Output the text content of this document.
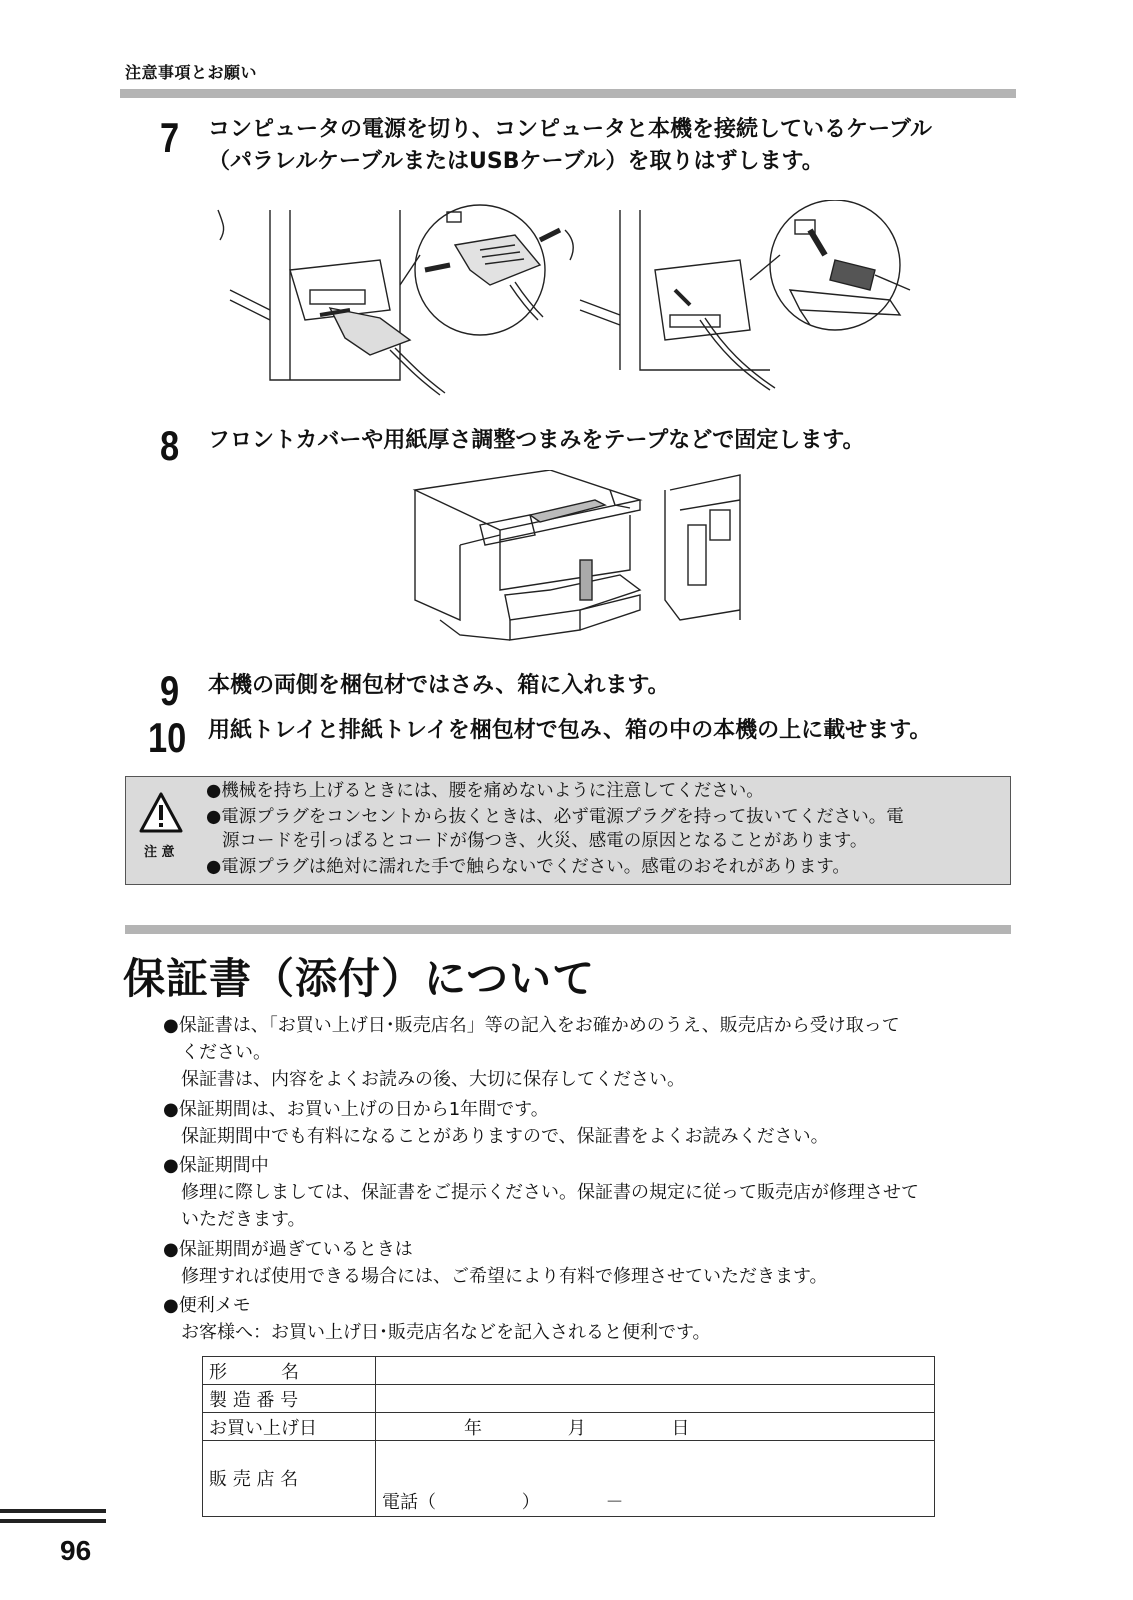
注意事項とお願い
7 コンピュータの電源を切り、コンピュータと本機を接続しているケーブル
（パラレルケーブルまたはUSBケーブル）を取りはずします。
8 フロントカバーや用紙厚さ調整つまみをテープなどで固定します。
9 本機の両側を梱包材ではさみ、箱に入れます。
10 用紙トレイと排紙トレイを梱包材で包み、箱の中の本機の上に載せます。
注 意
●機械を持ち上げるときには、腰を痛めないように注意してください。
●電源プラグをコンセントから抜くときは、必ず電源プラグを持って抜いてください。電
源コードを引っぱるとコードが傷つき、火災、感電の原因となることがあります。
●電源プラグは絶対に濡れた手で触らないでください。感電のおそれがあります。
保証書（添付）について
●保証書は、「お買い上げ日･販売店名」等の記入をお確かめのうえ、販売店から受け取って
ください。
保証書は、内容をよくお読みの後、大切に保存してください。
●保証期間は、お買い上げの日から1年間です。
保証期間中でも有料になることがありますので、保証書をよくお読みください。
●保証期間中
修理に際しましては、保証書をご提示ください。保証書の規定に従って販売店が修理させて
いただきます。
●保証期間が過ぎているときは
修理すれば使用できる場合には、ご希望により有料で修理させていただきます。
●便利メモ
お客様へ：お買い上げ日･販売店名などを記入されると便利です。
形　　　名	
製 造 番 号	
お買い上げ日	年 月 日
販 売 店 名	電話（ ） －
96
